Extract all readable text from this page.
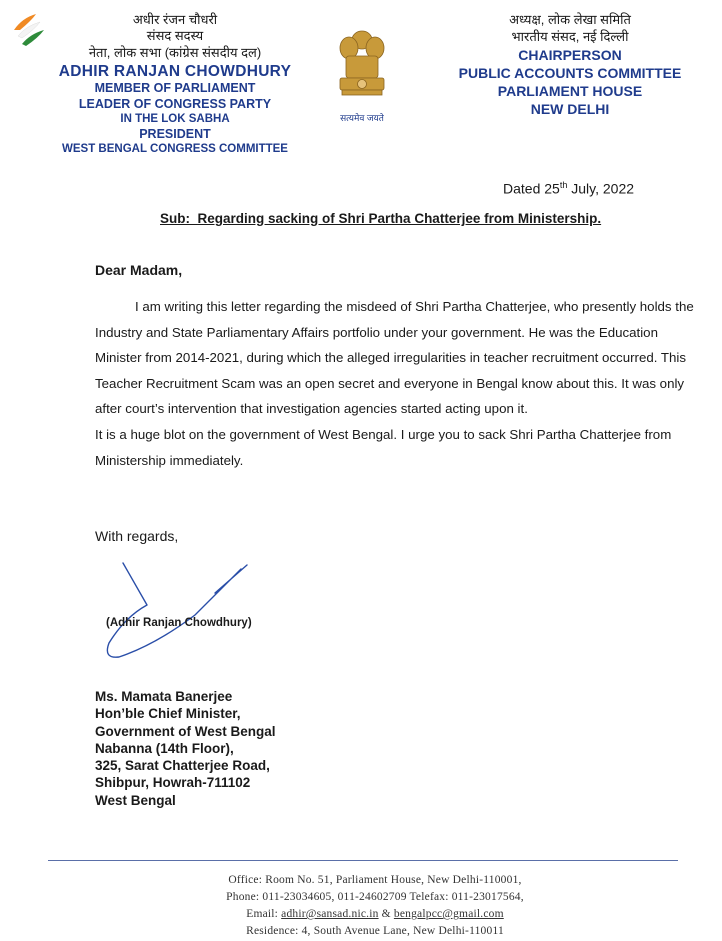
अधीर रंजन चौधरी
संसद सदस्य
नेता, लोक सभा (कांग्रेस संसदीय दल)
ADHIR RANJAN CHOWDHURY
MEMBER OF PARLIAMENT
LEADER OF CONGRESS PARTY
IN THE LOK SABHA
PRESIDENT
WEST BENGAL CONGRESS COMMITTEE
सत्यमेव जयते
अध्यक्ष, लोक लेखा समिति
भारतीय संसद, नई दिल्ली
CHAIRPERSON
PUBLIC ACCOUNTS COMMITTEE
PARLIAMENT HOUSE
NEW DELHI
Dated 25th July, 2022
Sub: Regarding sacking of Shri Partha Chatterjee from Ministership.
Dear Madam,

I am writing this letter regarding the misdeed of Shri Partha Chatterjee, who presently holds the Industry and State Parliamentary Affairs portfolio under your government. He was the Education Minister from 2014-2021, during which the alleged irregularities in teacher recruitment occurred. This Teacher Recruitment Scam was an open secret and everyone in Bengal know about this. It was only after court’s intervention that investigation agencies started acting upon it.

It is a huge blot on the government of West Bengal. I urge you to sack Shri Partha Chatterjee from Ministership immediately.

With regards,
(Adhir Ranjan Chowdhury)
Ms. Mamata Banerjee
Hon’ble Chief Minister,
Government of West Bengal
Nabanna (14th Floor),
325, Sarat Chatterjee Road,
Shibpur, Howrah-711102
West Bengal
Office: Room No. 51, Parliament House, New Delhi-110001,
Phone: 011-23034605, 011-24602709 Telefax: 011-23017564,
Email: adhir@sansad.nic.in & bengalpcc@gmail.com
Residence: 4, South Avenue Lane, New Delhi-110011
